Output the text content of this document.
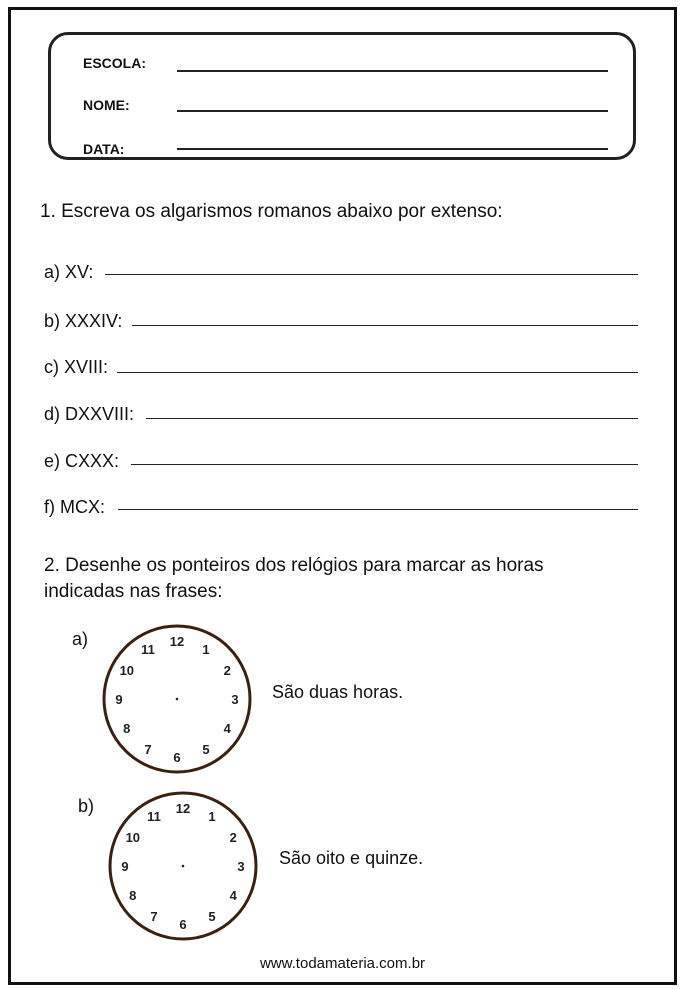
ESCOLA:
NOME:
DATA:
1. Escreva os algarismos romanos abaixo por extenso:
a) XV:
b) XXXIV:
c) XVIII:
d) DXXVIII:
e) CXXX:
f) MCX:
2. Desenhe os ponteiros dos relógios para marcar as horas
indicadas nas frases:
a)	12
1
2
3
4
5
6
7
8
9
10
11
São duas horas.
b)	12
1
2
3
4
5
6
7
8
9
10
11
São oito e quinze.
www.todamateria.com.br
